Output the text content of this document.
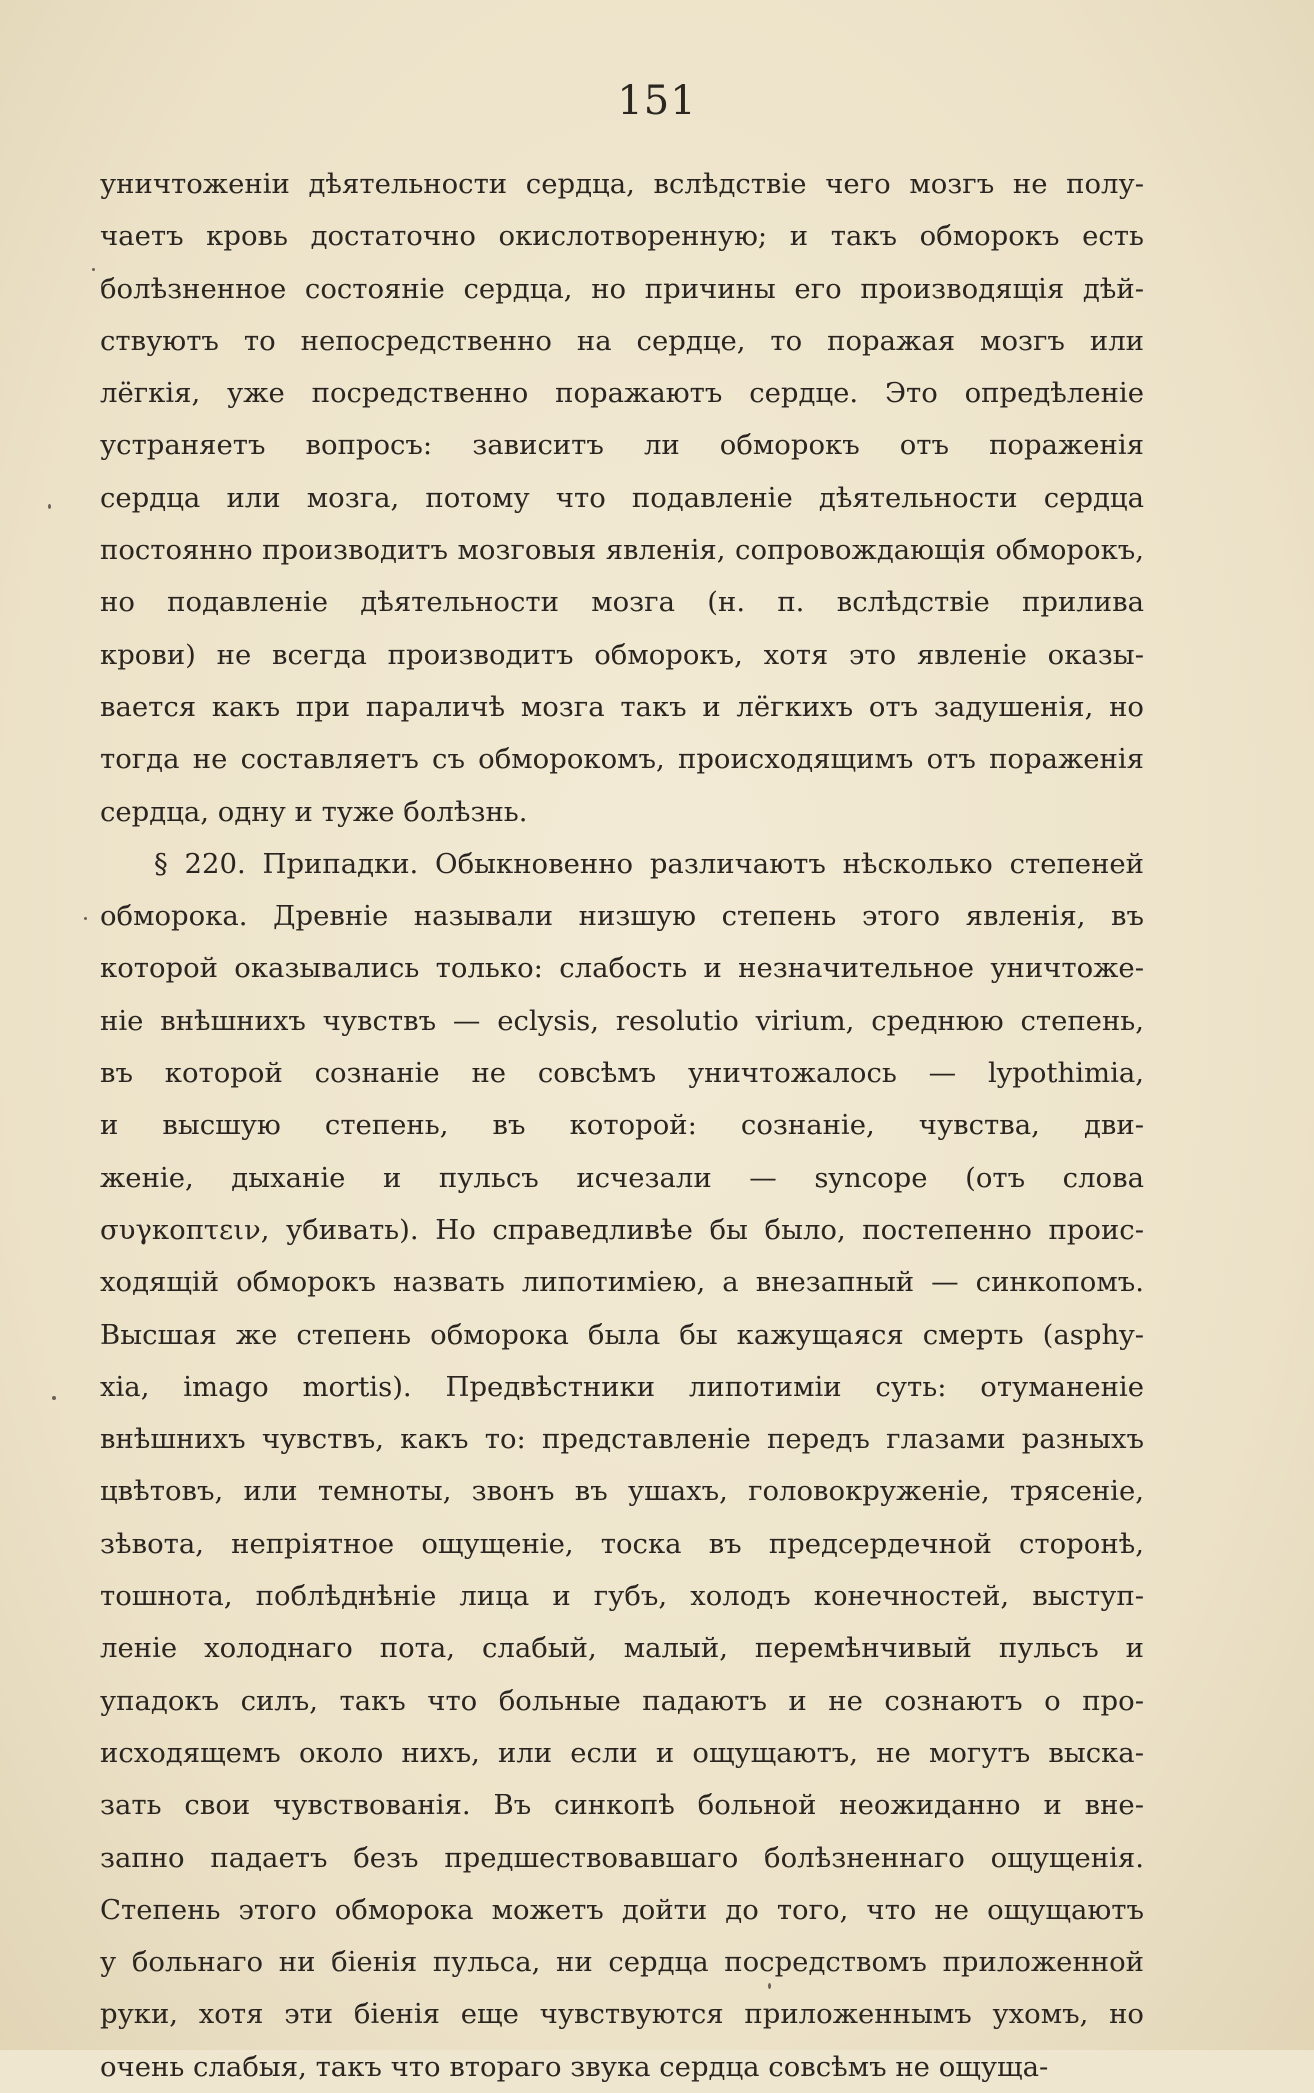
151
уничтоженіи дѣятельности сердца, вслѣдствіе чего мозгъ не полу-
чаетъ кровь достаточно окислотворенную; и такъ обморокъ есть
болѣзненное состояніе сердца, но причины его производящія дѣй-
ствуютъ то непосредственно на сердце, то поражая мозгъ или
лёгкія, уже посредственно поражаютъ сердце. Это опредѣленіе
устраняетъ вопросъ: зависитъ ли обморокъ отъ пораженія
сердца или мозга, потому что подавленіе дѣятельности сердца
постоянно производитъ мозговыя явленія, сопровождающія обморокъ,
но подавленіе дѣятельности мозга (н. п. вслѣдствіе прилива
крови) не всегда производитъ обморокъ, хотя это явленіе оказы-
вается какъ при параличѣ мозга такъ и лёгкихъ отъ задушенія, но
тогда не составляетъ съ обморокомъ, происходящимъ отъ пораженія
сердца, одну и туже болѣзнь.
§ 220. Припадки. Обыкновенно различаютъ нѣсколько степеней
обморока. Древніе называли низшую степень этого явленія, въ
которой оказывались только: слабость и незначительное уничтоже-
ніе внѣшнихъ чувствъ — eclysis, resolutio virium, среднюю степень,
въ которой сознаніе не совсѣмъ уничтожалось — lypothimia,
и высшую степень, въ которой: сознаніе, чувства, дви-
женіе, дыханіе и пульсъ исчезали — syncope (отъ слова
συγκοπτειν, убивать). Но справедливѣе бы было, постепенно проис-
ходящій обморокъ назвать липотиміею, а внезапный — синкопомъ.
Высшая же степень обморока была бы кажущаяся смерть (asphy-
xia, imago mortis). Предвѣстники липотиміи суть: отуманеніе
внѣшнихъ чувствъ, какъ то: представленіе передъ глазами разныхъ
цвѣтовъ, или темноты, звонъ въ ушахъ, головокруженіе, трясеніе,
зѣвота, непріятное ощущеніе, тоска въ предсердечной сторонѣ,
тошнота, поблѣднѣніе лица и губъ, холодъ конечностей, выступ-
леніе холоднаго пота, слабый, малый, перемѣнчивый пульсъ и
упадокъ силъ, такъ что больные падаютъ и не сознаютъ о про-
исходящемъ около нихъ, или если и ощущаютъ, не могутъ выска-
зать свои чувствованія. Въ синкопѣ больной неожиданно и вне-
запно падаетъ безъ предшествовавшаго болѣзненнаго ощущенія.
Степень этого обморока можетъ дойти до того, что не ощущаютъ
у больнаго ни біенія пульса, ни сердца посредствомъ приложенной
руки, хотя эти біенія еще чувствуются приложеннымъ ухомъ, но
очень слабыя, такъ что втораго звука сердца совсѣмъ не ощуща-
